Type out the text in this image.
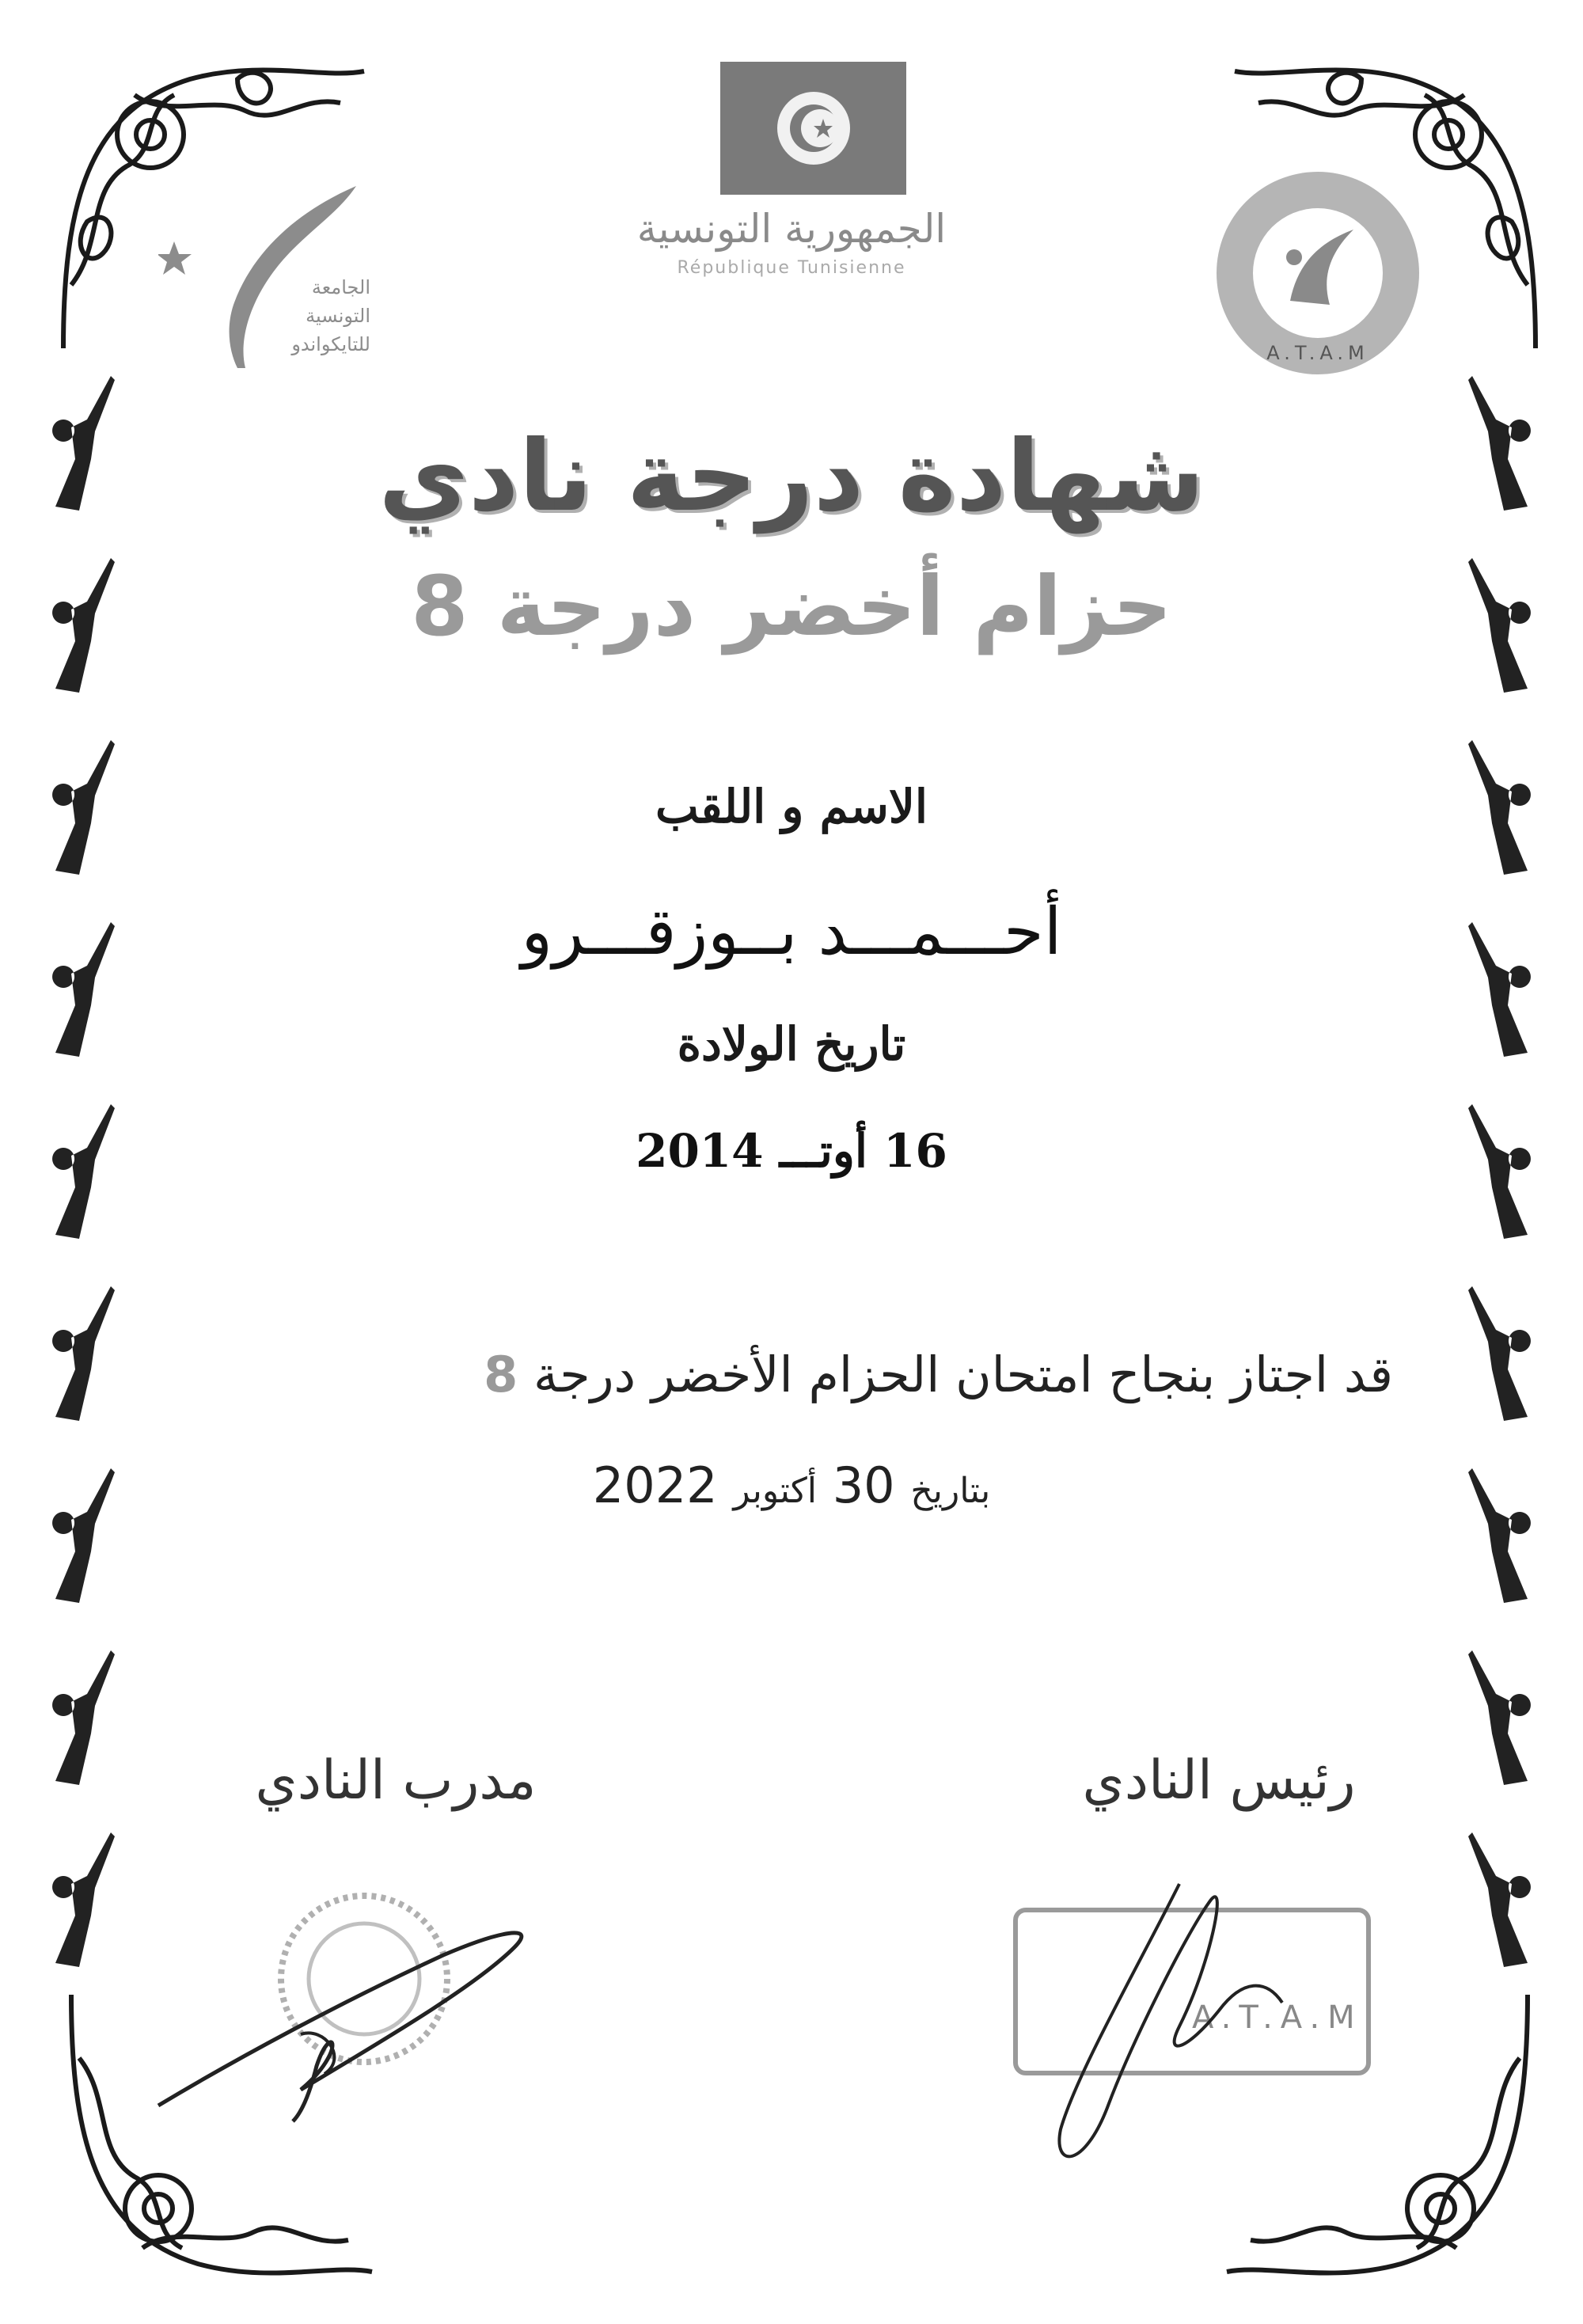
الجمهورية التونسية
République Tunisienne
الجامعة
التونسية
للتايكواندو	A.T.A.M
شهادة درجة نادي
حزام أخضر درجة 8
الاسم و اللقب
أحـــمـــد بــوزقـــرو
تاريخ الولادة
16 أوتـــ 2014
قد اجتاز بنجاح امتحان الحزام الأخضر درجة 8
بتاريخ 30 أكتوبر 2022
مدرب النادي	رئيس النادي
A.T.A.M
